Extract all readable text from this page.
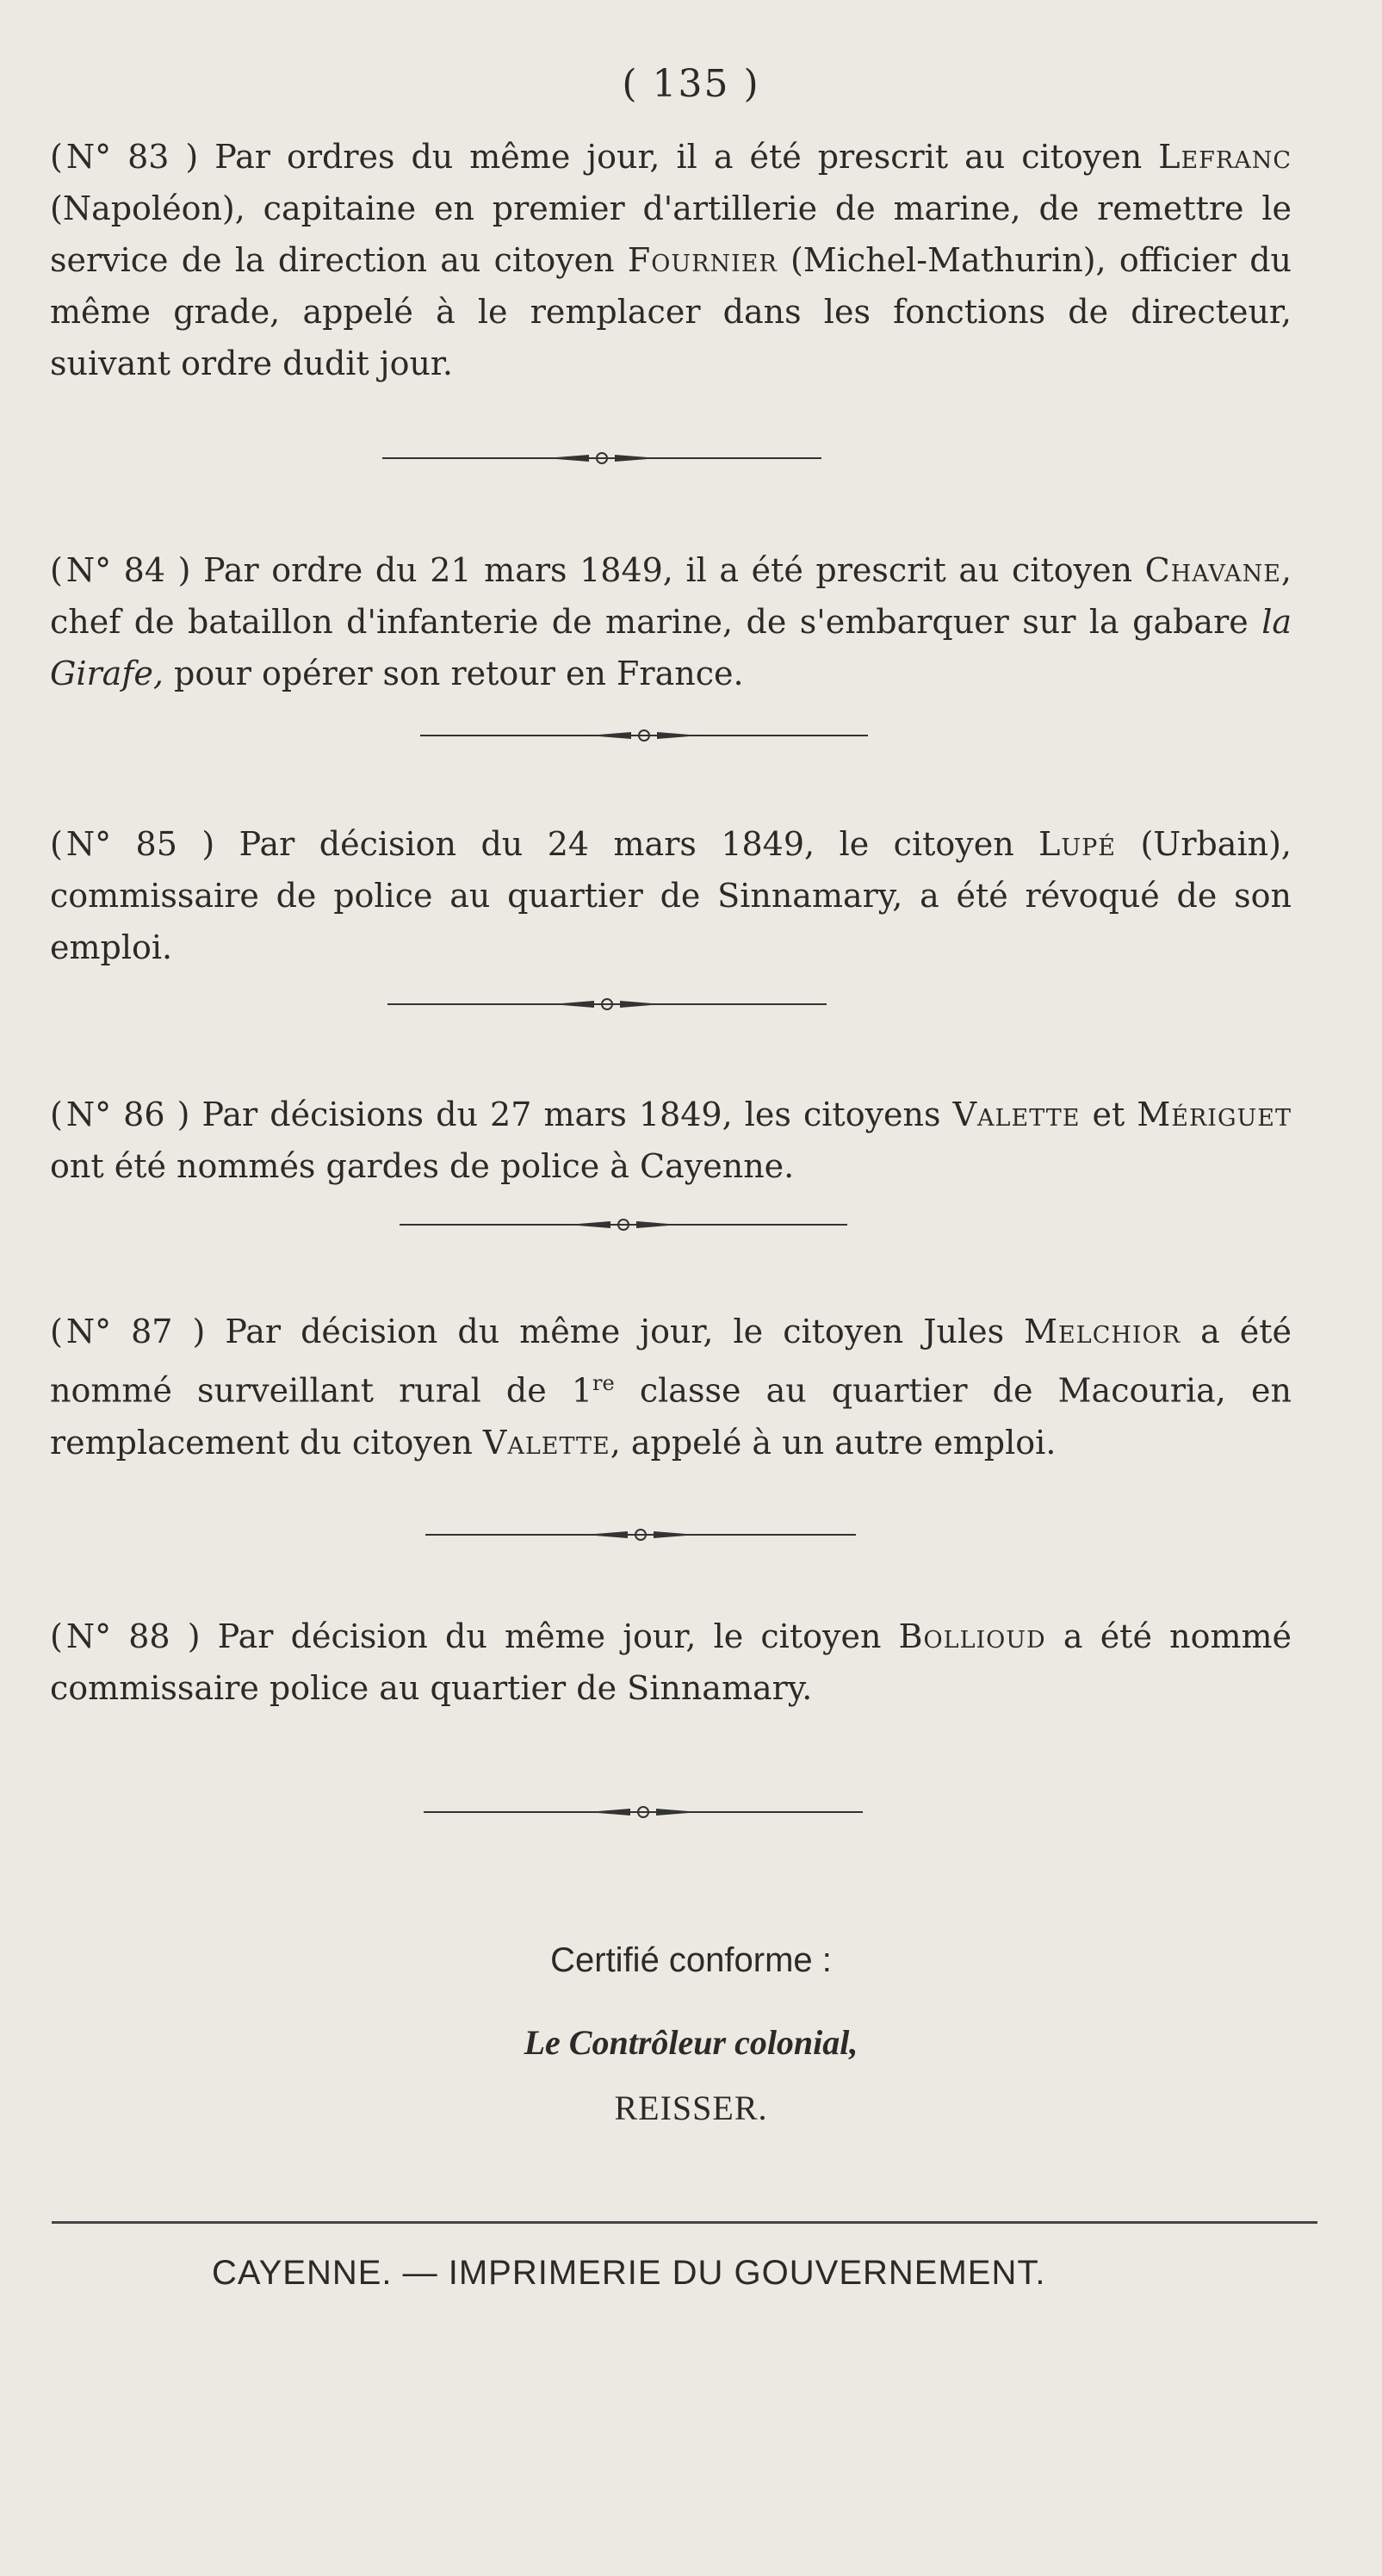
( 135 )
( N° 83 ) Par ordres du même jour, il a été prescrit au citoyen Lefranc (Napoléon), capitaine en premier d'artillerie de marine, de remettre le service de la direction au citoyen Fournier (Michel-Mathurin), officier du même grade, appelé à le remplacer dans les fonctions de directeur, suivant ordre dudit jour.
( N° 84 ) Par ordre du 21 mars 1849, il a été prescrit au citoyen Chavane, chef de bataillon d'infanterie de marine, de s'embarquer sur la gabare la Girafe, pour opérer son retour en France.
( N° 85 ) Par décision du 24 mars 1849, le citoyen Lupé (Urbain), commissaire de police au quartier de Sinnamary, a été révoqué de son emploi.
( N° 86 ) Par décisions du 27 mars 1849, les citoyens Valette et Mériguet ont été nommés gardes de police à Cayenne.
( N° 87 ) Par décision du même jour, le citoyen Jules Melchior a été nommé surveillant rural de 1re classe au quartier de Macouria, en remplacement du citoyen Valette, appelé à un autre emploi.
( N° 88 ) Par décision du même jour, le citoyen Bollioud a été nommé commissaire police au quartier de Sinnamary.
Certifié conforme :
Le Contrôleur colonial,
REISSER.
CAYENNE. — IMPRIMERIE DU GOUVERNEMENT.
